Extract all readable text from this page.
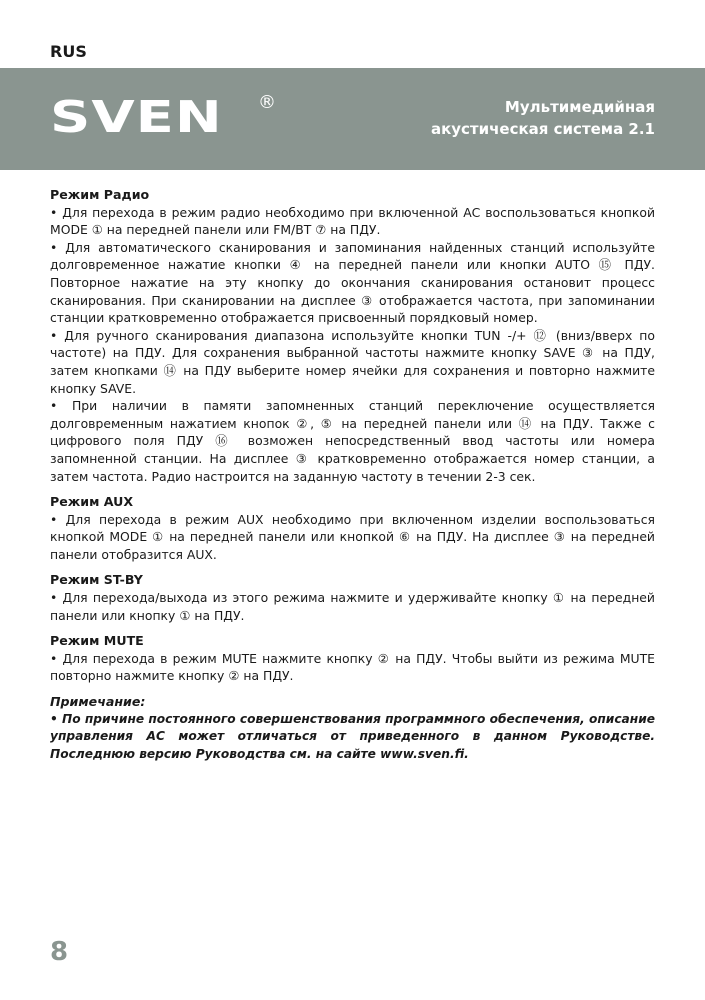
RUS
SVEN ®	Мультимедийная
акустическая система 2.1
Режим Радио

• Для перехода в режим радио необходимо при включенной АС воспользоваться кнопкой MODE ① на передней панели или FM/BT ⑦ на ПДУ.

• Для автоматического сканирования и запоминания найденных станций используйте долговременное нажатие кнопки ④ на передней панели или кнопки AUTO ⑮ ПДУ. Повторное нажатие на эту кнопку до окончания сканирования остановит процесс сканирования. При сканировании на дисплее ③ отображается частота, при запоминании станции кратковременно отображается присвоенный порядковый номер.

• Для ручного сканирования диапазона используйте кнопки TUN -/+ ⑫ (вниз/вверх по частоте) на ПДУ. Для сохранения выбранной частоты нажмите кнопку SAVE ③ на ПДУ, затем кнопками ⑭ на ПДУ выберите номер ячейки для сохранения и повторно нажмите кнопку SAVE.

• При наличии в памяти запомненных станций переключение осуществляется долговременным нажатием кнопок ②, ⑤ на передней панели или ⑭ на ПДУ. Также с цифрового поля ПДУ ⑯ возможен непосредственный ввод частоты или номера запомненной станции. На дисплее ③ кратковременно отображается номер станции, а затем частота. Радио настроится на заданную частоту в течении 2-3 сек.

Режим AUX

• Для перехода в режим AUX необходимо при включенном изделии воспользоваться кнопкой MODE ① на передней панели или кнопкой ⑥ на ПДУ. На дисплее ③ на передней панели отобразится AUX.

Режим ST-BY

• Для перехода/выхода из этого режима нажмите и удерживайте кнопку ① на передней панели или кнопку ① на ПДУ.

Режим MUTE

• Для перехода в режим MUTE нажмите кнопку ② на ПДУ. Чтобы выйти из режима MUTE повторно нажмите кнопку ② на ПДУ.

Примечание:

• По причине постоянного совершенствования программного обеспечения, описание управления АС может отличаться от приведенного в данном Руководстве. Последнюю версию Руководства см. на сайте www.sven.fi.

8
